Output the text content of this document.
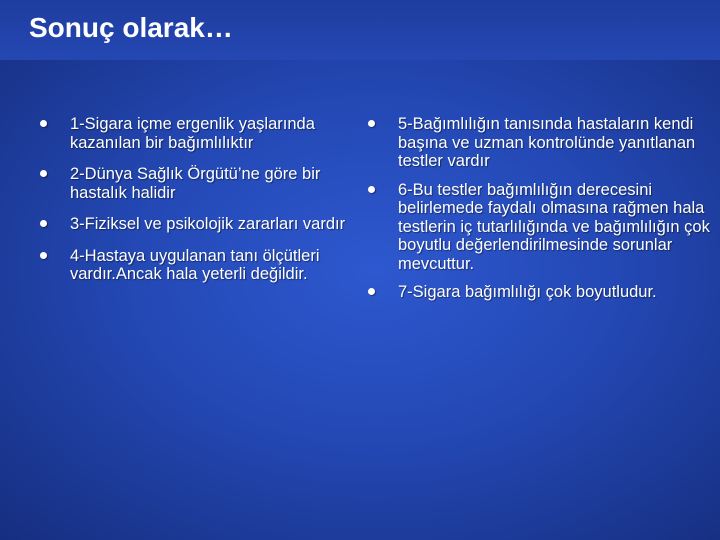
Sonuç olarak…
1-Sigara içme ergenlik yaşlarında kazanılan bir bağımlılıktır
2-Dünya Sağlık Örgütü’ne göre bir hastalık halidir
3-Fiziksel ve psikolojik zararları vardır
4-Hastaya uygulanan tanı ölçütleri vardır.Ancak hala yeterli değildir.
5-Bağımlılığın tanısında hastaların kendi başına ve uzman kontrolünde yanıtlanan testler vardır
6-Bu testler bağımlılığın derecesini belirlemede faydalı olmasına rağmen hala testlerin iç tutarlılığında ve bağımlılığın çok boyutlu değerlendirilmesinde sorunlar mevcuttur.
7-Sigara bağımlılığı çok boyutludur.
